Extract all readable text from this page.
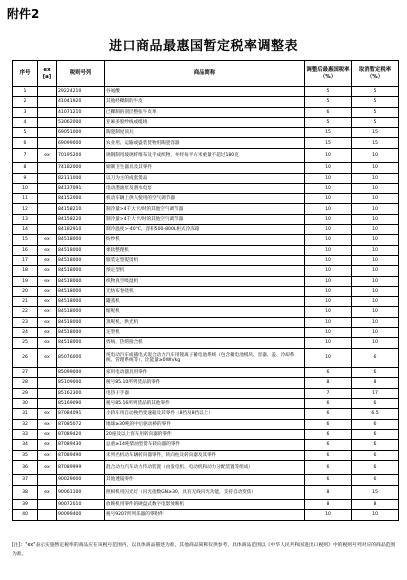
附件2
进口商品最惠国暂定税率调整表
序号	ex [a]	税则号列	商品简称	调整后最惠国税率（%）	取消暂定税率（%）
1		29224210	谷氨酸	5	5
2		41041920	其他经鞣制的牛皮	5	5
3		41071210	已鞣制的剖层整张牛皮革	6	5
4		53062000	亚麻多股纱线或缆线	5	5
5		69051000	陶瓷制屋顶瓦	15	15
6		69099000	农业用、运输或盛装货物用陶瓷容器	15	15
7	ex	70195200	璃钢制用玻璃纤维布及半成织物，并经每平方米重量不超过180克	10	10
8		74182000	铜制卫生器具及其零件	10	10
9		82111000	以刀为主的成套货品	10	10
10		84137091	电动潜油泵及潜水电泵	10	10
11		84152000	机动车辆上供人使用的空气调节器	10	10
12		84158210	制冷量>4千大卡/时的其他空气调节器	10	10
13		84158220	制冷量>4千大卡/时的其他空气调节器	10	10
14		84182910	制冷温度>-40℃，容积500-800L柜式冷冻箱	10	10
15	ex	84518000	纺纱机	10	10
16	ex	84518000	柔软整理机	10	10
17	ex	84518000	服装定型熨烫机	10	10
18	ex	84518000	预定型机	10	10
19	ex	84518000	织物真空吸湿机	10	10
20	ex	84518000	无纺布卷绕机	10	10
21	ex	84518000	罐蒸机	10	10
22	ex	84518000	缩呢机	10	10
23	ex	84518000	蒸呢机、烘光机	10	10
24	ex	84518000	定型机	10	10
25	ex	84518000	剪绒、热熔接合机	10	10
26	ex	85076000	纯电动汽车或插电式混合动力汽车用锂离子蓄电池系统（包含蓄电池模块、容器、盖、冷却系统、管理系统等），比能量≥0Wh/kg	10	6
27		85099000	家用电动器具用零件	6	6
28		85109000	税号85.10所列货品的零件	8	8
29		85162300	电热干手器	7	17
30		85169090	税号85.16所列货品的其他零件	6	6
31	ex	87084091	小轿车用自动换挡变速箱及其零件（8挡及8挡以上）	6	6.5
32	ex	87085072	地球≥30吨的中后驱动桥的零件	6	6
33	ex	87089420	20座及以上客车用转向器的零件	6	6
34	ex	87089430	总重≥14吨柴油型货车转向器的零件	6	6
35	ex	87089490	未列名机动车辆转向器零件，转向柱及转向器及其零件	6	6
36	ex	87089999	混合动力汽车动力传动装置（由发电机、电动机和动力分配装置等组成）	6	6
37		90029000	其他透镜零件	6	6
38	ex	90061100	照相机用闪光灯（闪光指数GN≥30，具有无线闪光功能，支持自动变焦）	8	15
39		90072010	放映机用零件的硬盘式数字电影放映机	8	8
40		90099400	税号9207所列乐器的零附件	10	10
[注]："ex"表示实施暂定税率的商品应在该税号范围内，以具体商品描述为准，其他商品简称仅供参考，具体商品范围以《中华人民共和国进出口税则》中的税则号列对应的商品范围为准。
